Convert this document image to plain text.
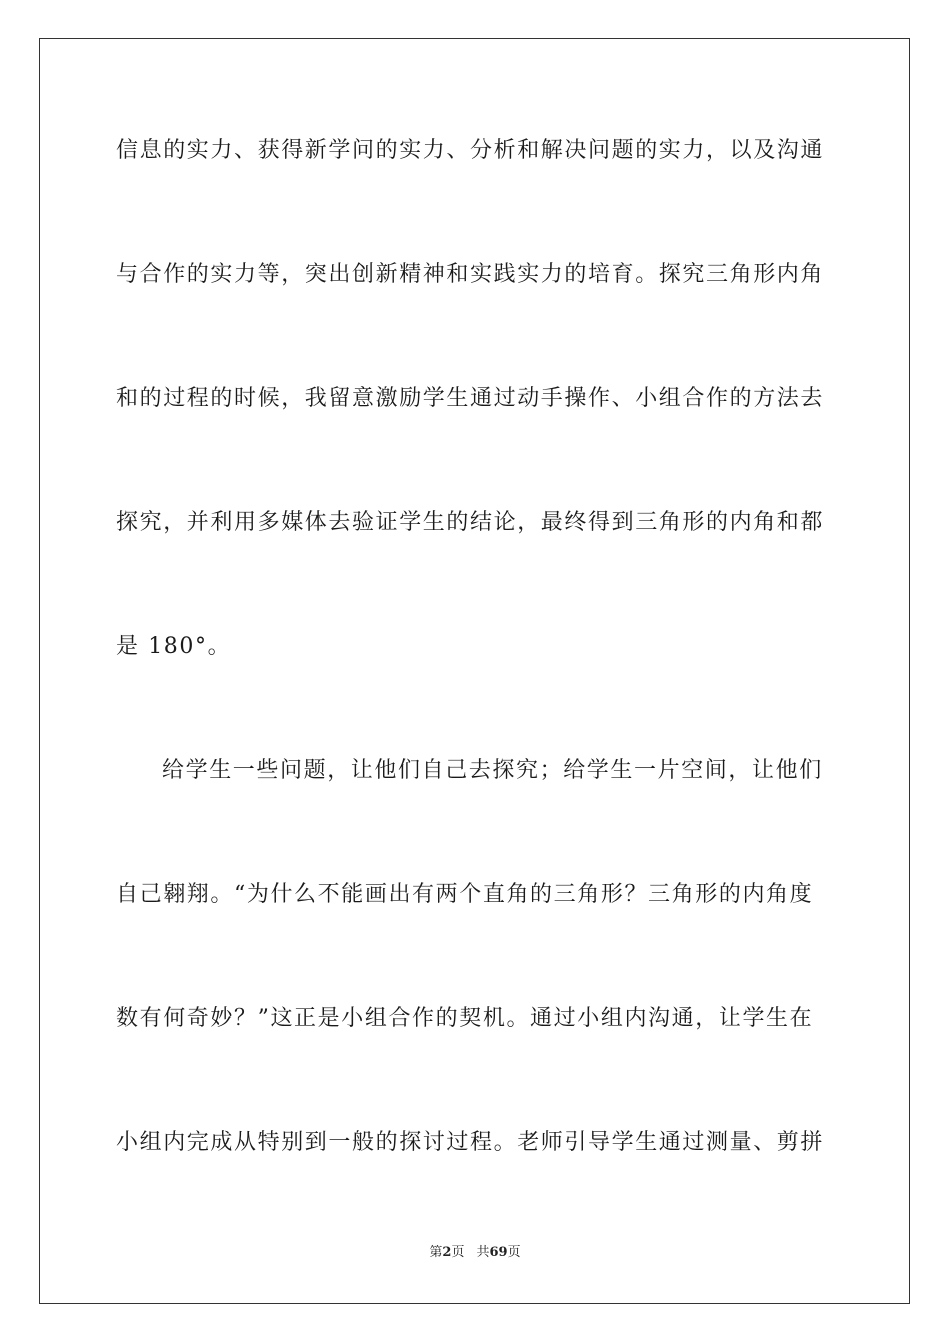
信息的实力、获得新学问的实力、分析和解决问题的实力，以及沟通
与合作的实力等，突出创新精神和实践实力的培育。探究三角形内角
和的过程的时候，我留意激励学生通过动手操作、小组合作的方法去
探究，并利用多媒体去验证学生的结论，最终得到三角形的内角和都
是 180°。
给学生一些问题，让他们自己去探究；给学生一片空间，让他们
自己翱翔。“为什么不能画出有两个直角的三角形？三角形的内角度
数有何奇妙？”这正是小组合作的契机。通过小组内沟通，让学生在
小组内完成从特别到一般的探讨过程。老师引导学生通过测量、剪拼
第2页 共69页
